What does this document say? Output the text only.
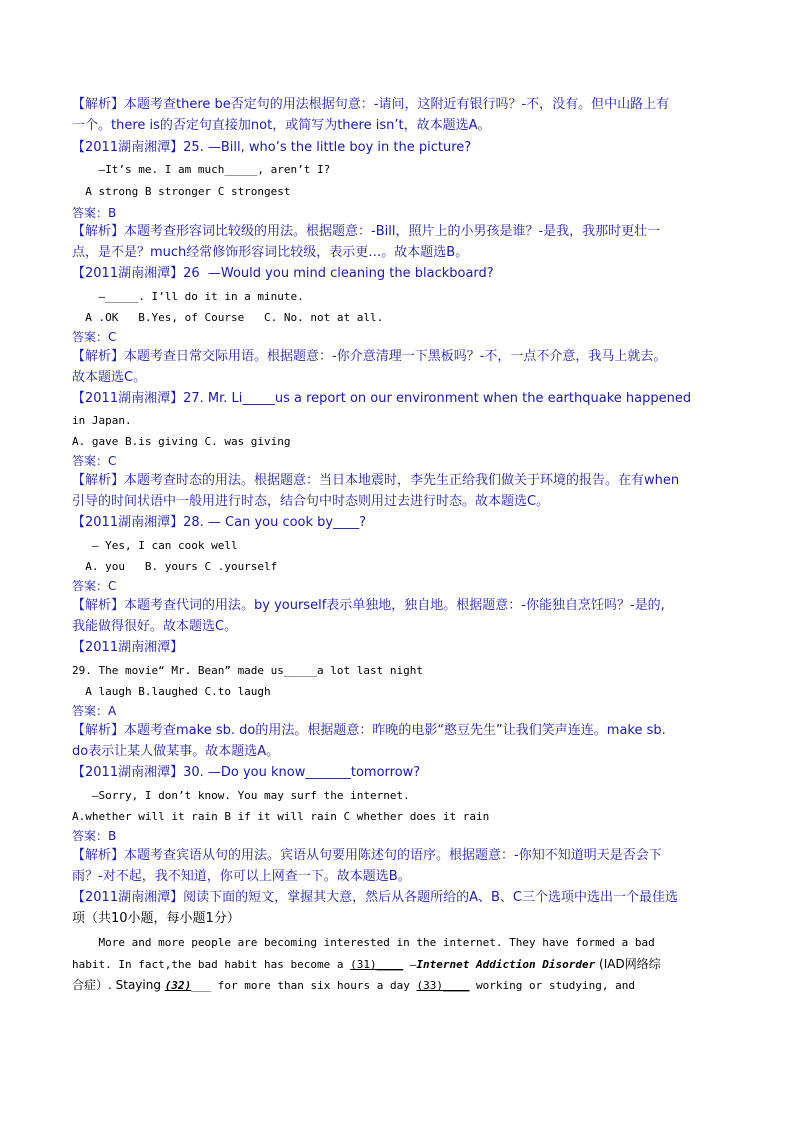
【解析】本题考查there be否定句的用法根据句意：-请问，这附近有银行吗？-不，没有。但中山路上有
一个。there is的否定句直接加not，或简写为there isn’t，故本题选A。
【2011湖南湘潭】25. —Bill, who’s the little boy in the picture?
—It’s me. I am much_____, aren’t I?
A strong B stronger C strongest
答案：B
【解析】本题考查形容词比较级的用法。根据题意：-Bill，照片上的小男孩是谁？-是我，我那时更壮一
点，是不是？much经常修饰形容词比较级，表示更…。故本题选B。
【2011湖南湘潭】26  —Would you mind cleaning the blackboard?
—_____. I’ll do it in a minute.
A .OK   B.Yes, of Course   C. No. not at all.
答案：C
【解析】本题考查日常交际用语。根据题意：-你介意清理一下黑板吗？-不，一点不介意，我马上就去。
故本题选C。
【2011湖南湘潭】27. Mr. Li_____us a report on our environment when the earthquake happened
in Japan.
A. gave B.is giving C. was giving
答案：C
【解析】本题考查时态的用法。根据题意：当日本地震时，李先生正给我们做关于环境的报告。在有when
引导的时间状语中一般用进行时态，结合句中时态则用过去进行时态。故本题选C。
【2011湖南湘潭】28. — Can you cook by____?
— Yes, I can cook well
A. you   B. yours C .yourself
答案：C
【解析】本题考查代词的用法。by yourself表示单独地，独自地。根据题意：-你能独自烹饪吗？-是的,
我能做得很好。故本题选C。
【2011湖南湘潭】
29. The movie“ Mr. Bean” made us_____a lot last night
A laugh B.laughed C.to laugh
答案：A
【解析】本题考查make sb. do的用法。根据题意：昨晚的电影“憨豆先生”让我们笑声连连。make sb.
do表示让某人做某事。故本题选A。
【2011湖南湘潭】30. —Do you know_______tomorrow?
—Sorry, I don’t know. You may surf the internet.
A.whether will it rain B if it will rain C whether does it rain
答案：B
【解析】本题考查宾语从句的用法。宾语从句要用陈述句的语序。根据题意：-你知不知道明天是否会下
雨？-对不起，我不知道，你可以上网查一下。故本题选B。
【2011湖南湘潭】阅读下面的短文，掌握其大意，然后从各题所给的A、B、C三个选项中选出一个最佳选
项（共10小题，每小题1分）
More and more people are becoming interested in the internet. They have formed a bad
habit. In fact,the bad habit has become a (31)____ —Internet Addiction Disorder (IAD网络综
合症）. Staying (32)___ for more than six hours a day (33)____ working or studying, and
